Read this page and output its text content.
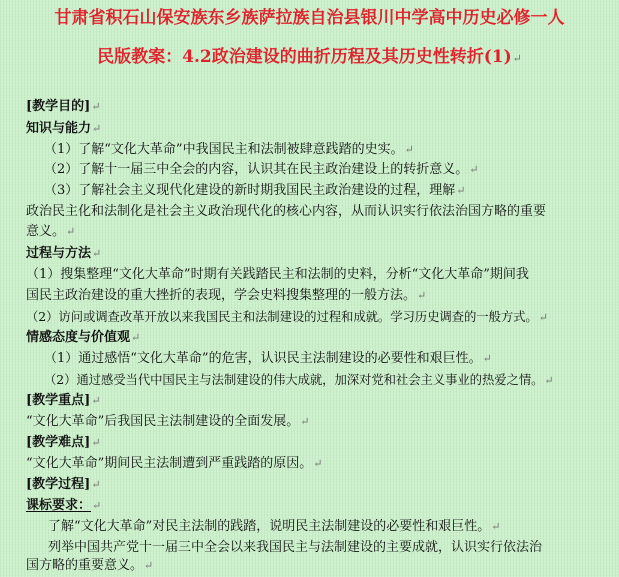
甘肃省积石山保安族东乡族萨拉族自治县银川中学高中历史必修一人
民版教案：4.2政治建设的曲折历程及其历史性转折(1)↵
[教学目的]↵
知识与能力↵
（1）了解“文化大革命”中我国民主和法制被肆意践踏的史实。↵
（2）了解十一届三中全会的内容，认识其在民主政治建设上的转折意义。↵
（3）了解社会主义现代化建设的新时期我国民主政治建设的过程，理解↵
政治民主化和法制化是社会主义政治现代化的核心内容，从而认识实行依法治国方略的重要
意义。↵
过程与方法↵
（1）搜集整理“文化大革命”时期有关践踏民主和法制的史料，分析“文化大革命”期间我
国民主政治建设的重大挫折的表现，学会史料搜集整理的一般方法。↵
（2）访问或调查改革开放以来我国民主和法制建设的过程和成就。学习历史调查的一般方式。↵
情感态度与价值观↵
（1）通过感悟“文化大革命”的危害，认识民主法制建设的必要性和艰巨性。↵
（2）通过感受当代中国民主与法制建设的伟大成就，加深对党和社会主义事业的热爱之情。↵
[教学重点]↵
“文化大革命”后我国民主法制建设的全面发展。↵
[教学难点]↵
“文化大革命”期间民主法制遭到严重践踏的原因。↵
[教学过程]↵
课标要求：↵
了解“文化大革命”对民主法制的践踏，说明民主法制建设的必要性和艰巨性。↵
列举中国共产党十一届三中全会以来我国民主与法制建设的主要成就，认识实行依法治
国方略的重要意义。↵
